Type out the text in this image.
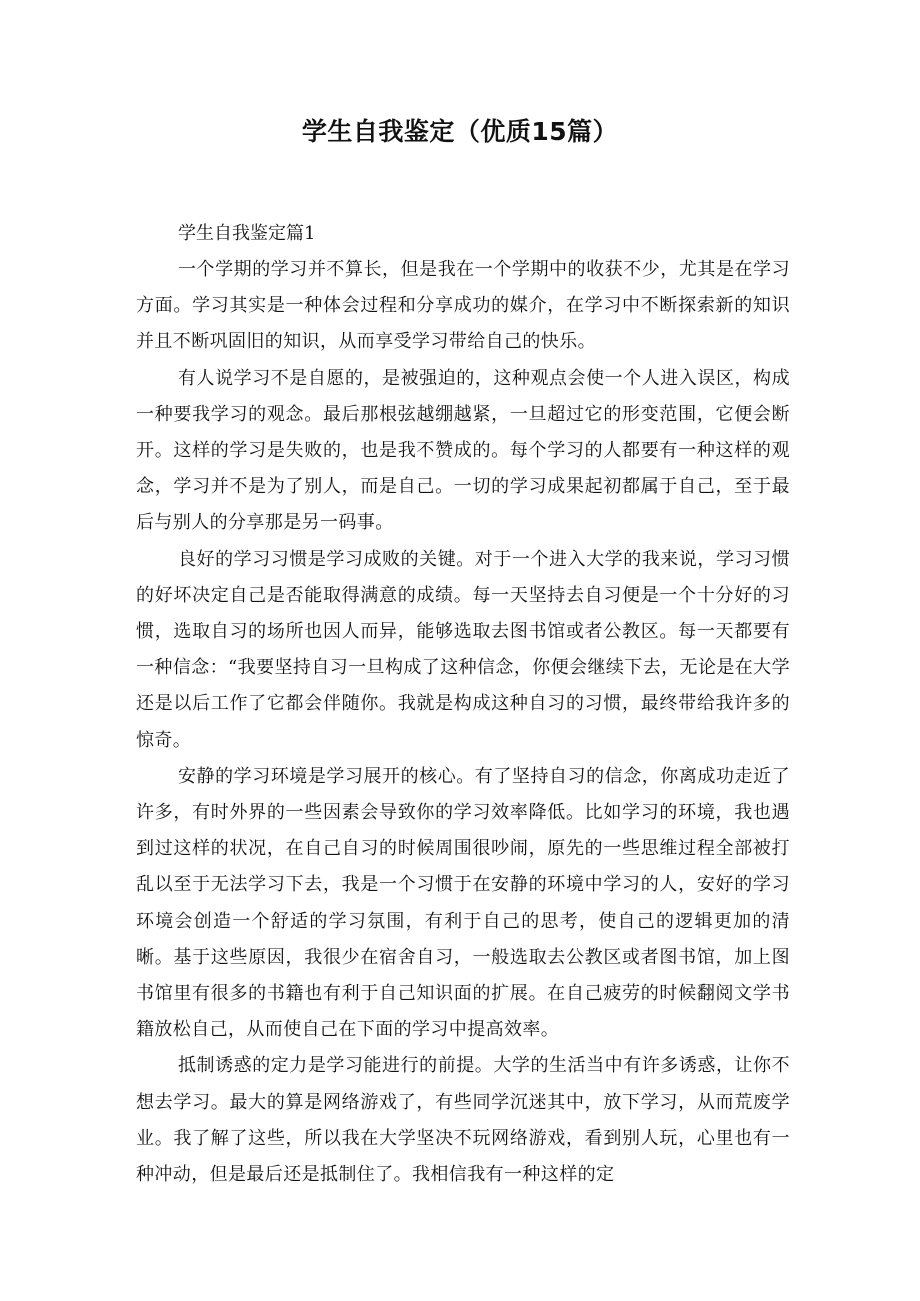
学生自我鉴定（优质15篇）
学生自我鉴定篇1

一个学期的学习并不算长，但是我在一个学期中的收获不少，尤其是在学习方面。学习其实是一种体会过程和分享成功的媒介，在学习中不断探索新的知识并且不断巩固旧的知识，从而享受学习带给自己的快乐。

有人说学习不是自愿的，是被强迫的，这种观点会使一个人进入误区，构成一种要我学习的观念。最后那根弦越绷越紧，一旦超过它的形变范围，它便会断开。这样的学习是失败的，也是我不赞成的。每个学习的人都要有一种这样的观念，学习并不是为了别人，而是自己。一切的学习成果起初都属于自己，至于最后与别人的分享那是另一码事。

良好的学习习惯是学习成败的关键。对于一个进入大学的我来说，学习习惯的好坏决定自己是否能取得满意的成绩。每一天坚持去自习便是一个十分好的习惯，选取自习的场所也因人而异，能够选取去图书馆或者公教区。每一天都要有一种信念：“我要坚持自习一旦构成了这种信念，你便会继续下去，无论是在大学还是以后工作了它都会伴随你。我就是构成这种自习的习惯，最终带给我许多的惊奇。

安静的学习环境是学习展开的核心。有了坚持自习的信念，你离成功走近了许多，有时外界的一些因素会导致你的学习效率降低。比如学习的环境，我也遇到过这样的状况，在自己自习的时候周围很吵闹，原先的一些思维过程全部被打乱以至于无法学习下去，我是一个习惯于在安静的环境中学习的人，安好的学习环境会创造一个舒适的学习氛围，有利于自己的思考，使自己的逻辑更加的清晰。基于这些原因，我很少在宿舍自习，一般选取去公教区或者图书馆，加上图书馆里有很多的书籍也有利于自己知识面的扩展。在自己疲劳的时候翻阅文学书籍放松自己，从而使自己在下面的学习中提高效率。

抵制诱惑的定力是学习能进行的前提。大学的生活当中有许多诱惑，让你不想去学习。最大的算是网络游戏了，有些同学沉迷其中，放下学习，从而荒废学业。我了解了这些，所以我在大学坚决不玩网络游戏，看到别人玩，心里也有一种冲动，但是最后还是抵制住了。我相信我有一种这样的定
